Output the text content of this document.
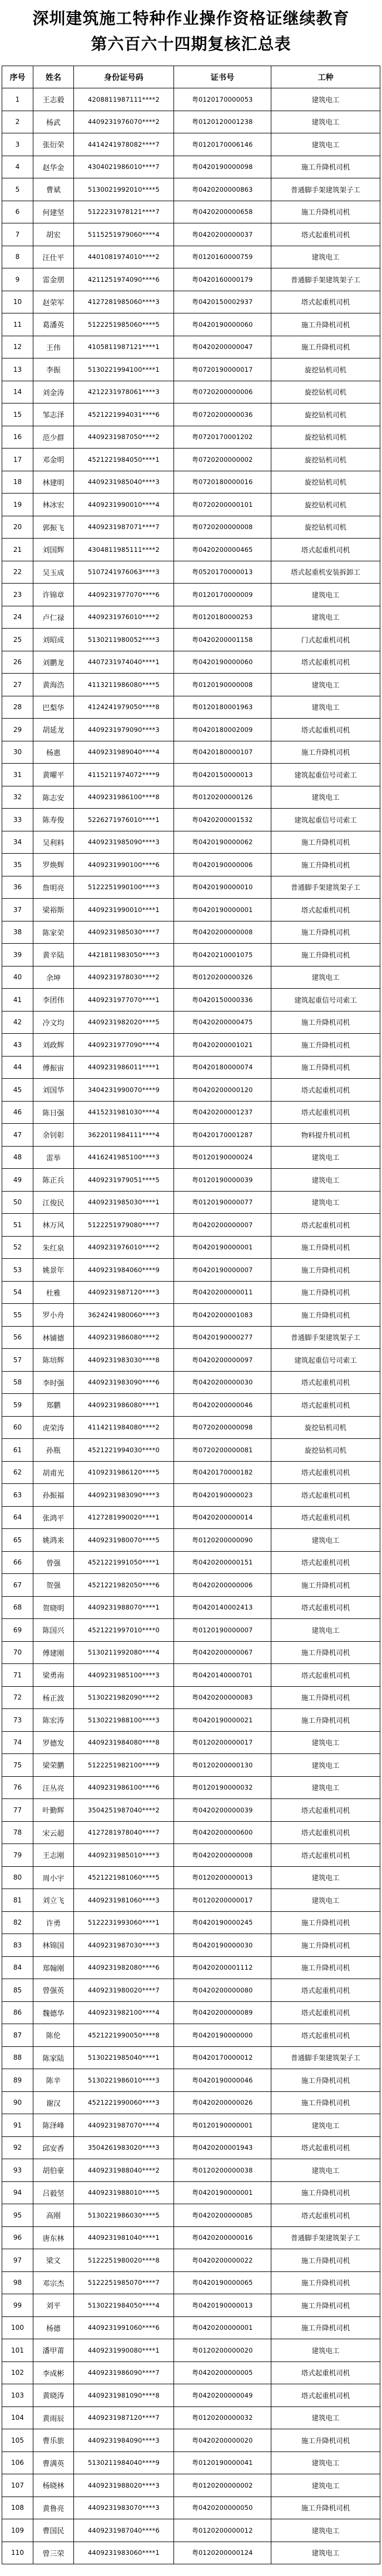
深圳建筑施工特种作业操作资格证继续教育
第六百六十四期复核汇总表
序号	姓名	身份证号码	证书号	工种
1	王志毅	4208811987111****2	粤0120170000053	建筑电工
2	杨武	4409231976070****2	粤0120120001238	建筑电工
3	张衍荣	4414241978082****7	粤0120170006146	建筑电工
4	赵华金	4304021986010****7	粤0420190000098	施工升降机司机
5	曹斌	5130021992010****5	粤0420200000863	普通脚手架建筑架子工
6	何建坚	5122231978121****7	粤0420200000658	施工升降机司机
7	胡宏	5115251979060****4	粤0420200000037	塔式起重机司机
8	汪仕平	4401081974010****2	粤0120160000759	建筑电工
9	雷金朋	4211251974090****6	粤0420160000179	普通脚手架建筑架子工
10	赵荣军	4127281985060****3	粤0420150002937	塔式起重机司机
11	葛潘英	5122251985060****5	粤0420190000060	施工升降机司机
12	王伟	4105811987121****1	粤0420200000047	施工升降机司机
13	李振	5130221994100****1	粤0720190000017	旋挖钻机司机
14	刘金涛	4212231978061****3	粤0720200000006	旋挖钻机司机
15	邹志泽	4521221994031****6	粤0720200000036	旋挖钻机司机
16	范少群	4409231987050****2	粤0720170001202	旋挖钻机司机
17	邓金明	4521221984050****1	粤0720200000002	旋挖钻机司机
18	林建明	4409231985040****3	粤0720180000016	旋挖钻机司机
19	林冰宏	4409231990010****4	粤0720200000101	旋挖钻机司机
20	郭振飞	4409231987071****7	粤0720200000008	旋挖钻机司机
21	刘国辉	4304811985111****2	粤0420200000465	塔式起重机司机
22	吴玉成	5107241976063****3	粤0520170000013	塔式起重机安装拆卸工
23	许锦章	4409231977070****6	粤0120170000009	建筑电工
24	卢仁禄	4409231976010****2	粤0120180000253	建筑电工
25	刘昭成	5130211980052****3	粤0420200001158	门式起重机司机
26	刘鹏龙	4407231974040****1	粤0420190000060	塔式起重机司机
27	黄海浩	4113211986080****5	粤0120190000008	建筑电工
28	巴梨华	4124241979050****8	粤0120180001963	建筑电工
29	胡延龙	4409231979090****3	粤0420180002009	塔式起重机司机
30	杨惠	4409231989040****4	粤0420180000107	施工升降机司机
31	黄曜平	4115211974072****9	粤0420150000013	建筑起重信号司索工
32	陈志安	4409231986100****8	粤0120200000126	建筑电工
33	陈寿俊	5226271976010****1	粤0420200001532	建筑起重信号司索工
34	吴利料	4409231985090****3	粤0420190000062	施工升降机司机
35	罗焕辉	4409231990100****6	粤0420190000006	施工升降机司机
36	詹明亮	5122251990100****3	粤0420190000010	普通脚手架建筑架子工
37	梁裕斯	4409231990010****1	粤0420190000001	塔式起重机司机
38	陈家荣	4409231985030****7	粤0420200000008	施工升降机司机
39	黄辛陆	4421811983050****3	粤0420210001075	施工升降机司机
40	余坤	4409231978030****2	粤0120200000326	建筑电工
41	李团伟	4409231977070****1	粤0420150000336	建筑起重信号司索工
42	冷文均	4409231982020****5	粤0420200000475	施工升降机司机
43	刘政辉	4409231977090****4	粤0420200001021	施工升降机司机
44	傅振宙	4409231986011****1	粤0420180000074	施工升降机司机
45	刘国华	3404231990070****9	粤0420200000120	塔式起重机司机
46	陈日强	4415231981030****4	粤0420200001237	塔式起重机司机
47	余钊彰	3622011984111****4	粤0420170001287	物料提升机司机
48	雷举	4416241985100****3	粤0120190000024	建筑电工
49	陈正兵	4409231979051****5	粤0120190000039	建筑电工
50	江俊民	4409231985030****1	粤0120190000077	建筑电工
51	林万风	5122251979080****7	粤0420200000007	塔式起重机司机
52	朱红泉	4409231976010****2	粤0420190000001	施工升降机司机
53	姚景年	4409231984060****9	粤0420190000007	施工升降机司机
54	杜雅	4409231987120****3	粤0420200000011	施工升降机司机
55	罗小舟	3624241980060****3	粤0420200001083	施工升降机司机
56	林铺德	4409231986080****2	粤0420190000277	普通脚手架建筑架子工
57	陈培辉	4409231983030****8	粤0420200000097	建筑起重信号司索工
58	李时强	4409231983090****6	粤0420200000030	塔式起重机司机
59	郑鹏	4409231986080****1	粤0420200000046	塔式起重机司机
60	虎荣涛	4114211984080****2	粤0720200000098	旋挖钻机司机
61	孙瓶	4521221994030****0	粤0720200000081	旋挖钻机司机
62	胡甫光	4109231986120****5	粤0420170000182	塔式起重机司机
63	孙振福	4409231983090****3	粤0420190000023	塔式起重机司机
64	张鸿平	4127281990020****1	粤0420200000014	塔式起重机司机
65	姚鸿来	4409231980070****5	粤0120200000090	建筑电工
66	曾强	4521221991050****1	粤0420200000151	塔式起重机司机
67	贺强	4521221982050****6	粤0420200000006	施工升降机司机
68	贺晓明	4409231988070****1	粤0420140002413	塔式起重机司机
69	陈国兴	4521221997010****0	粤0120190000007	建筑电工
70	傅建刚	5130211992080****4	粤0420200000067	施工升降机司机
71	梁勇南	4409231985100****3	粤0420140000701	塔式起重机司机
72	杨正波	5130221982090****2	粤0420200000083	施工升降机司机
73	陈宏涛	5130221988100****3	粤0420190000021	施工升降机司机
74	罗德发	4409231984080****8	粤0120200000017	建筑电工
75	梁荣鹏	5122251982100****9	粤0120200000130	建筑电工
76	汪丛亮	4409231986100****6	粤0120190000032	建筑电工
77	叶勤辉	3504251987040****2	粤0420200000039	塔式起重机司机
78	宋云超	4127281978040****7	粤0420200000600	塔式起重机司机
79	王志刚	4409231985010****3	粤0420200000008	塔式起重机司机
80	周小宇	4521221981060****5	粤0120200000013	建筑电工
81	刘立飞	4409231981060****3	粤0120200000017	建筑电工
82	许勇	5122231993060****1	粤0420190000245	施工升降机司机
83	林锦国	4409231987030****3	粤0420190000030	施工升降机司机
84	郑翰刚	4409231982080****6	粤0420200001112	施工升降机司机
85	曾强英	4409231980020****7	粤0420200000080	塔式起重机司机
86	魏德华	4409231982100****4	粤0420200000089	塔式起重机司机
87	陈伦	4521221990050****8	粤0420190000000	塔式起重机司机
88	陈家陆	5130221985040****1	粤0420170000012	普通脚手架建筑架子工
89	陈辛	5130221986010****3	粤0420190000046	施工升降机司机
90	谢汉	4521221990060****3	粤0420200000026	施工升降机司机
91	陈泽峰	4409231987070****4	粤0120190000001	建筑电工
92	邱安香	3504261983020****3	粤0420200001943	塔式起重机司机
93	胡伯豪	4409231988040****2	粤0120200000038	建筑电工
94	吕毅坚	4409231988010****5	粤0420190000001	施工升降机司机
95	高刚	5130221986030****5	粤0420200000085	塔式起重机司机
96	唐东林	4409231981040****1	粤0420200000016	普通脚手架建筑架子工
97	梁文	5122251980020****8	粤0420200000022	施工升降机司机
98	邓宗杰	5122251985070****7	粤0420190000065	施工升降机司机
99	刘平	5130221984050****4	粤0420190000013	施工升降机司机
100	杨德	4409231991060****6	粤0420200000001	施工升降机司机
101	潘甲莆	4409231990080****1	粤0120200000020	建筑电工
102	李成彬	4409231986090****7	粤0420200000005	塔式起重机司机
103	黄晓涛	4409231981090****8	粤0420200000049	塔式起重机司机
104	黄雨辰	4409231987120****7	粤0120200000032	建筑电工
105	曹乐旅	4409231984090****3	粤0420200000020	施工升降机司机
106	曹满英	5130211984040****9	粤0120190000041	建筑电工
107	杨晓林	4409231988020****3	粤0120200000002	建筑电工
108	黄鲁亮	4409231983070****3	粤0420200000050	施工升降机司机
109	曹国民	4409231987040****6	粤0120200000012	建筑电工
110	曾三荣	4409231983060****1	粤0120200000124	建筑电工
